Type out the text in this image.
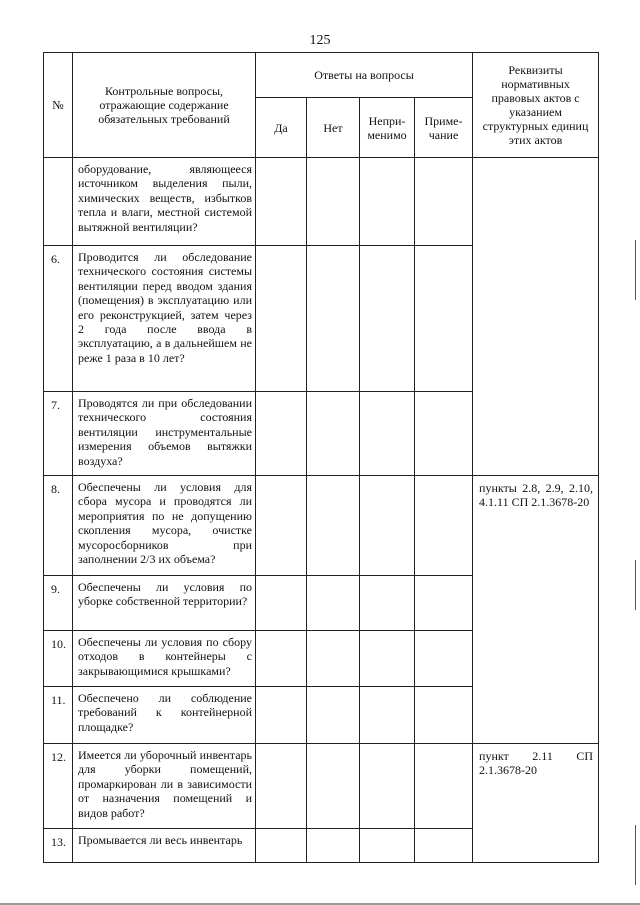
125
№	Контрольные вопросы, отражающие содержание обязательных требований	Ответы на вопросы				Реквизиты нормативных правовых актов с указанием структурных единиц этих актов
		Да	Нет	Непри-менимо	Приме-чание	
	оборудование, являющееся источником выделения пыли, химических веществ, избытков тепла и влаги, местной системой вытяжной вентиляции?					
6.	Проводится ли обследование технического состояния системы вентиляции перед вводом здания (помещения) в эксплуатацию или его реконструкцией, затем через 2 года после ввода в эксплуатацию, а в дальнейшем не реже 1 раза в 10 лет?					
7.	Проводятся ли при обследовании технического состояния вентиляции инструментальные измерения объемов вытяжки воздуха?					
8.	Обеспечены ли условия для сбора мусора и проводятся ли мероприятия по не допущению скопления мусора, очистке мусоросборников при заполнении 2/3 их объема?					пункты 2.8, 2.9, 2.10, 4.1.11 СП 2.1.3678-20
9.	Обеспечены ли условия по уборке собственной территории?					
10.	Обеспечены ли условия по сбору отходов в контейнеры с закрывающимися крышками?					
11.	Обеспечено ли соблюдение требований к контейнерной площадке?					
12.	Имеется ли уборочный инвентарь для уборки помещений, промаркирован ли в зависимости от назначения помещений и видов работ?					пункт 2.11 СП 2.1.3678-20
13.	Промывается ли весь инвентарь					
